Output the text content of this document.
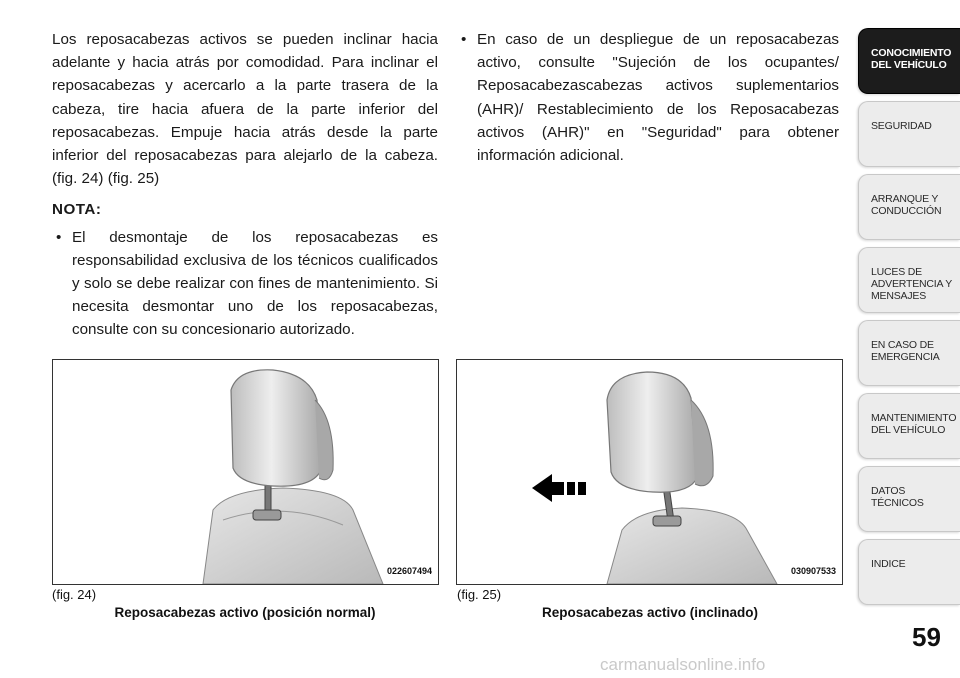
Los reposacabezas activos se pueden inclinar hacia adelante y hacia atrás por comodidad. Para inclinar el reposacabezas y acercarlo a la parte trasera de la cabeza, tire hacia afuera de la parte inferior del reposacabezas. Empuje hacia atrás desde la parte inferior del reposacabezas para alejarlo de la cabeza. (fig. 24) (fig. 25)

NOTA:

• El desmontaje de los reposacabezas es responsabilidad exclusiva de los técnicos cualificados y solo se debe realizar con fines de mantenimiento. Si necesita desmontar uno de los reposacabezas, consulte con su concesionario autorizado.

• En caso de un despliegue de un reposacabezas activo, consulte "Sujeción de los ocupantes/ Reposacabezascabezas activos suplementarios (AHR)/ Restablecimiento de los Reposacabezas activos (AHR)" en "Seguridad" para obtener información adicional.

022607494
(fig. 24)
Reposacabezas activo (posición normal)
030907533
(fig. 25)
Reposacabezas activo (inclinado)
CONOCIMIENTO
DEL VEHÍCULO
SEGURIDAD
ARRANQUE Y
CONDUCCIÓN
LUCES DE
ADVERTENCIA Y
MENSAJES
EN CASO DE
EMERGENCIA
MANTENIMIENTO
DEL VEHÍCULO
DATOS
TÉCNICOS
INDICE
59
carmanualsonline.info
